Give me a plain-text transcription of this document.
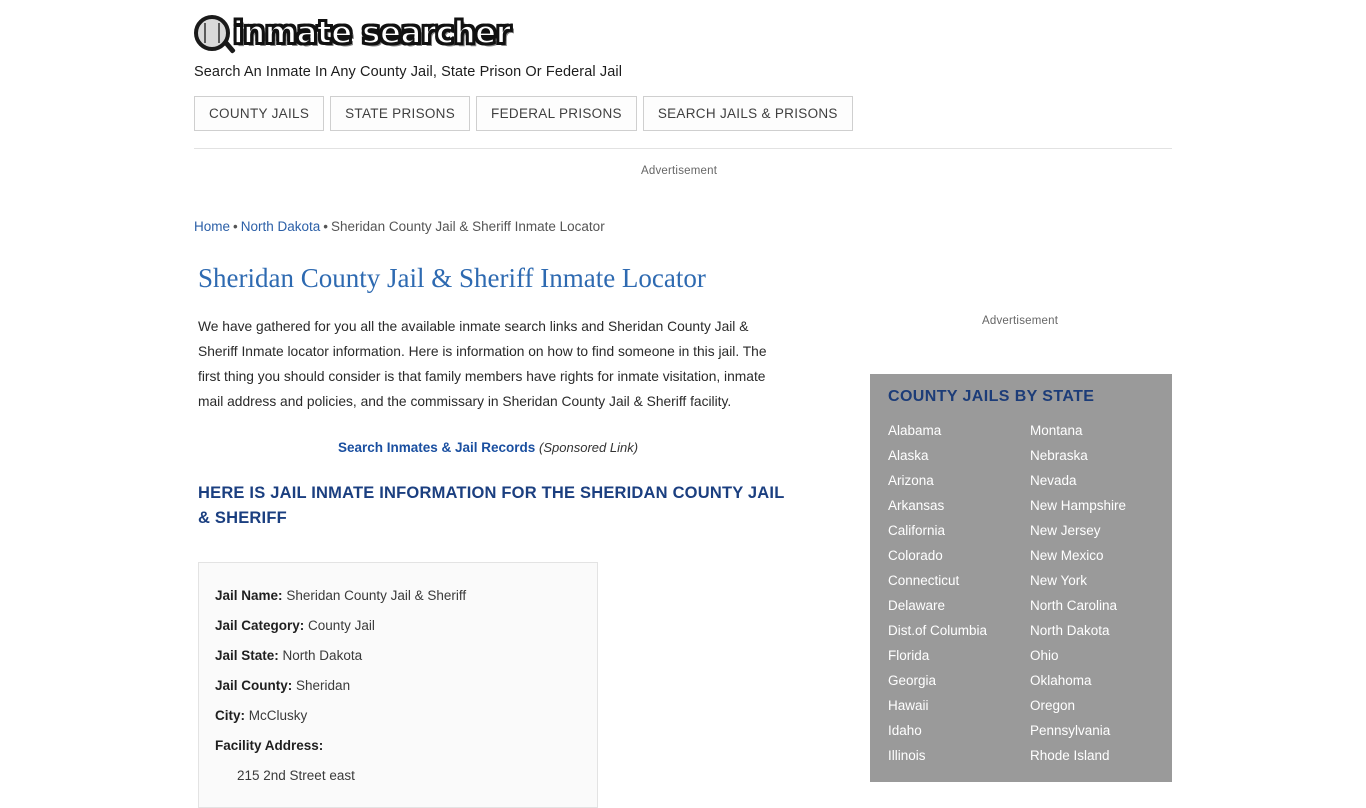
inmate searcher
Search An Inmate In Any County Jail, State Prison Or Federal Jail
COUNTY JAILS	STATE PRISONS	FEDERAL PRISONS	SEARCH JAILS & PRISONS
Advertisement
Advertisement
Home • North Dakota • Sheridan County Jail & Sheriff Inmate Locator
Sheridan County Jail & Sheriff Inmate Locator

We have gathered for you all the available inmate search links and Sheridan County Jail & Sheriff Inmate locator information. Here is information on how to find someone in this jail. The first thing you should consider is that family members have rights for inmate visitation, inmate mail address and policies, and the commissary in Sheridan County Jail & Sheriff facility.

Search Inmates & Jail Records (Sponsored Link)
HERE IS JAIL INMATE INFORMATION FOR THE SHERIDAN COUNTY JAIL & SHERIFF
Jail Name: Sheridan County Jail & Sheriff
Jail Category: County Jail
Jail State: North Dakota
Jail County: Sheridan
City: McClusky
Facility Address:
215 2nd Street east
COUNTY JAILS BY STATE
Alabama
Alaska
Arizona
Arkansas
California
Colorado
Connecticut
Delaware
Dist.of Columbia
Florida
Georgia
Hawaii
Idaho
Illinois
Montana
Nebraska
Nevada
New Hampshire
New Jersey
New Mexico
New York
North Carolina
North Dakota
Ohio
Oklahoma
Oregon
Pennsylvania
Rhode Island
